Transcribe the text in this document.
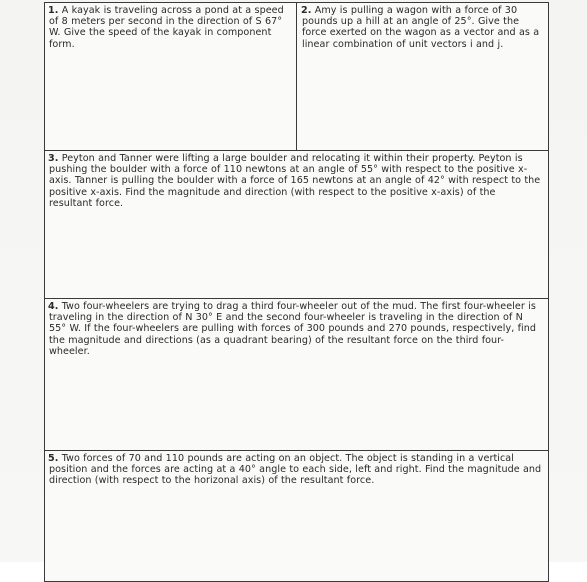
1. A kayak is traveling across a pond at a speed of 8 meters per second in the direction of S 67° W. Give the speed of the kayak in component form.

2. Amy is pulling a wagon with a force of 30 pounds up a hill at an angle of 25°. Give the force exerted on the wagon as a vector and as a linear combination of unit vectors i and j.

3. Peyton and Tanner were lifting a large boulder and relocating it within their property. Peyton is pushing the boulder with a force of 110 newtons at an angle of 55° with respect to the positive x-axis. Tanner is pulling the boulder with a force of 165 newtons at an angle of 42° with respect to the positive x-axis. Find the magnitude and direction (with respect to the positive x-axis) of the resultant force.

4. Two four-wheelers are trying to drag a third four-wheeler out of the mud. The first four-wheeler is traveling in the direction of N 30° E and the second four-wheeler is traveling in the direction of N 55° W. If the four-wheelers are pulling with forces of 300 pounds and 270 pounds, respectively, find the magnitude and directions (as a quadrant bearing) of the resultant force on the third four-wheeler.

5. Two forces of 70 and 110 pounds are acting on an object. The object is standing in a vertical position and the forces are acting at a 40° angle to each side, left and right. Find the magnitude and direction (with respect to the horizonal axis) of the resultant force.
